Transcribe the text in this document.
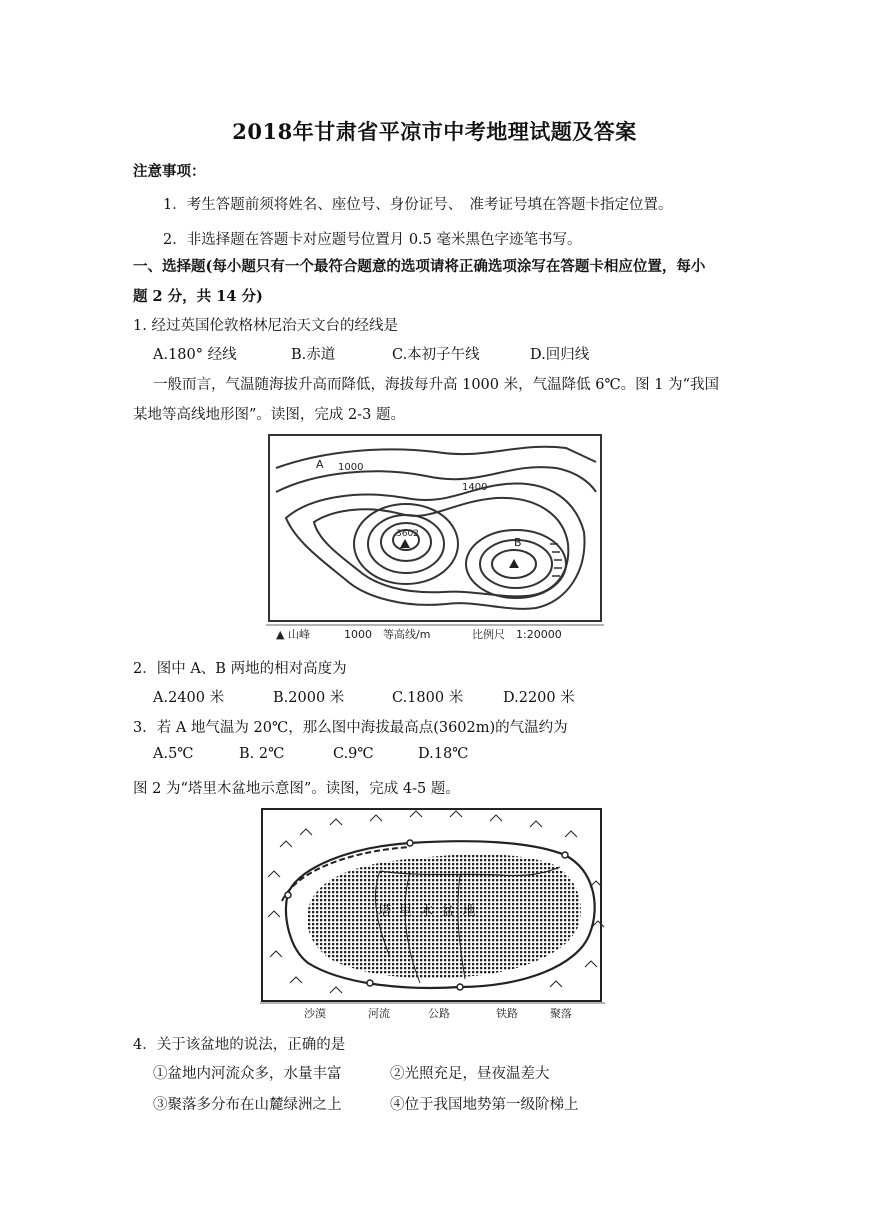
2018年甘肃省平凉市中考地理试题及答案
注意事项：
1．考生答题前须将姓名、座位号、身份证号、　准考证号填在答题卡指定位置。
2．非选择题在答题卡对应题号位置月 0.5 毫米黑色字迹笔书写。
一、选择题(每小题只有一个最符合题意的选项请将正确选项涂写在答题卡相应位置，每小
题 2 分，共 14 分)
1. 经过英国伦敦格林尼治天文台的经线是
A.180° 经线	B.赤道	C.本初子午线	D.回归线
一般而言，气温随海拔升高而降低，海拔每升高 1000 米，气温降低 6℃。图 1 为“我国
某地等高线地形图”。读图，完成 2-3 题。
A 1000
1400
3602
B
▲ 山峰	1000　等高线/m	比例尺　1:20000
2．图中 A、B 两地的相对高度为
A.2400 米	B.2000 米	C.1800 米	D.2200 米
3．若 A 地气温为 20℃，那么图中海拔最高点(3602m)的气温约为
A.5℃	B. 2℃	C.9℃	D.18℃
图 2 为“塔里木盆地示意图”。读图，完成 4-5 题。
塔 里 木 盆 地
沙漠	河流	公路	铁路	聚落
4．关于该盆地的说法，正确的是
①盆地内河流众多，水量丰富	②光照充足，昼夜温差大
③聚落多分布在山麓绿洲之上	④位于我国地势第一级阶梯上
